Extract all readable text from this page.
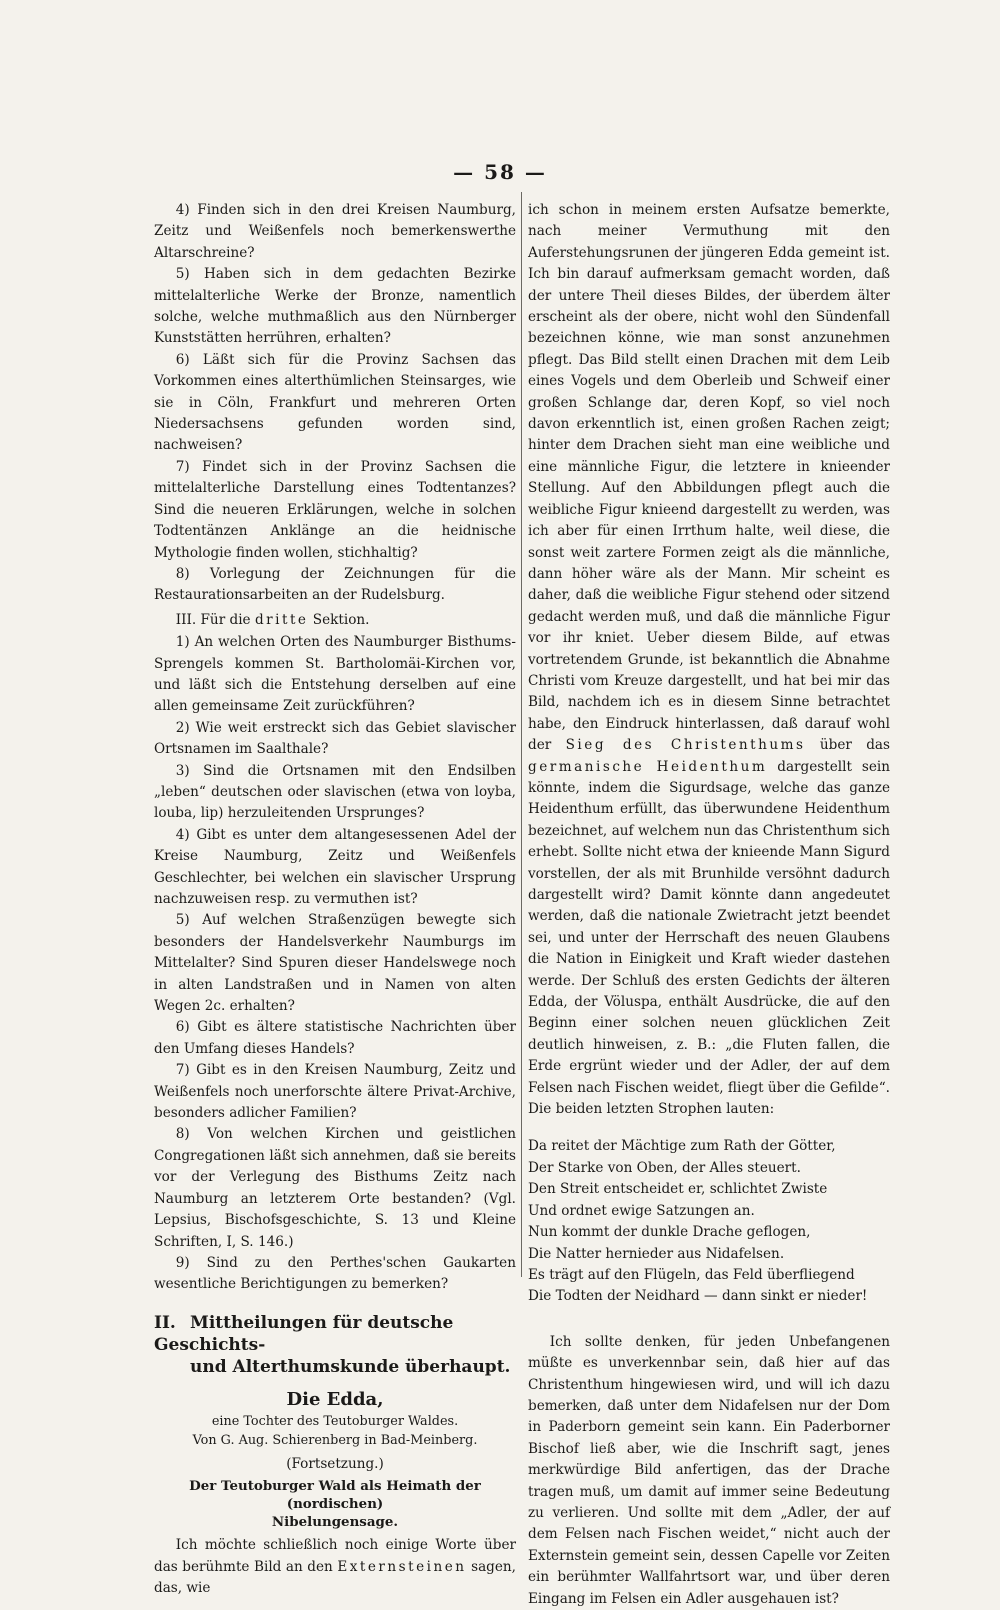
— 58 —

4) Finden sich in den drei Kreisen Naumburg, Zeitz und Weißenfels noch bemerkenswerthe Altarschreine?

5) Haben sich in dem gedachten Bezirke mittelalterliche Werke der Bronze, namentlich solche, welche muthmaßlich aus den Nürnberger Kunststätten herrühren, erhalten?

6) Läßt sich für die Provinz Sachsen das Vorkommen eines alterthümlichen Steinsarges, wie sie in Cöln, Frankfurt und mehreren Orten Niedersachsens gefunden worden sind, nachweisen?

7) Findet sich in der Provinz Sachsen die mittelalterliche Darstellung eines Todtentanzes? Sind die neueren Erklärungen, welche in solchen Todtentänzen Anklänge an die heidnische Mythologie finden wollen, stichhaltig?

8) Vorlegung der Zeichnungen für die Restaurationsarbeiten an der Rudelsburg.

III. Für die dritte Sektion.

1) An welchen Orten des Naumburger Bisthums-Sprengels kommen St. Bartholomäi-Kirchen vor, und läßt sich die Entstehung derselben auf eine allen gemeinsame Zeit zurückführen?

2) Wie weit erstreckt sich das Gebiet slavischer Ortsnamen im Saalthale?

3) Sind die Ortsnamen mit den Endsilben „leben“ deutschen oder slavischen (etwa von loyba, louba, lip) herzuleitenden Ursprunges?

4) Gibt es unter dem altangesessenen Adel der Kreise Naumburg, Zeitz und Weißenfels Geschlechter, bei welchen ein slavischer Ursprung nachzuweisen resp. zu vermuthen ist?

5) Auf welchen Straßenzügen bewegte sich besonders der Handelsverkehr Naumburgs im Mittelalter? Sind Spuren dieser Handelswege noch in alten Landstraßen und in Namen von alten Wegen 2c. erhalten?

6) Gibt es ältere statistische Nachrichten über den Umfang dieses Handels?

7) Gibt es in den Kreisen Naumburg, Zeitz und Weißenfels noch unerforschte ältere Privat-Archive, besonders adlicher Familien?

8) Von welchen Kirchen und geistlichen Congregationen läßt sich annehmen, daß sie bereits vor der Verlegung des Bisthums Zeitz nach Naumburg an letzterem Orte bestanden? (Vgl. Lepsius, Bischofsgeschichte, S. 13 und Kleine Schriften, I, S. 146.)

9) Sind zu den Perthes'schen Gaukarten wesentliche Berichtigungen zu bemerken?

II. Mittheilungen für deutsche Geschichts-
und Alterthumskunde überhaupt.
Die Edda,
eine Tochter des Teutoburger Waldes.
Von G. Aug. Schierenberg in Bad-Meinberg.
(Fortsetzung.)
Der Teutoburger Wald als Heimath der (nordischen)
Nibelungensage.

Ich möchte schließlich noch einige Worte über das berühmte Bild an den Externsteinen sagen, das, wie

ich schon in meinem ersten Aufsatze bemerkte, nach meiner Vermuthung mit den Auferstehungsrunen der jüngeren Edda gemeint ist. Ich bin darauf aufmerksam gemacht worden, daß der untere Theil dieses Bildes, der überdem älter erscheint als der obere, nicht wohl den Sündenfall bezeichnen könne, wie man sonst anzunehmen pflegt. Das Bild stellt einen Drachen mit dem Leib eines Vogels und dem Oberleib und Schweif einer großen Schlange dar, deren Kopf, so viel noch davon erkenntlich ist, einen großen Rachen zeigt; hinter dem Drachen sieht man eine weibliche und eine männliche Figur, die letztere in knieender Stellung. Auf den Abbildungen pflegt auch die weibliche Figur knieend dargestellt zu werden, was ich aber für einen Irrthum halte, weil diese, die sonst weit zartere Formen zeigt als die männliche, dann höher wäre als der Mann. Mir scheint es daher, daß die weibliche Figur stehend oder sitzend gedacht werden muß, und daß die männliche Figur vor ihr kniet. Ueber diesem Bilde, auf etwas vortretendem Grunde, ist bekanntlich die Abnahme Christi vom Kreuze dargestellt, und hat bei mir das Bild, nachdem ich es in diesem Sinne betrachtet habe, den Eindruck hinterlassen, daß darauf wohl der Sieg des Christenthums über das germanische Heidenthum dargestellt sein könnte, indem die Sigurdsage, welche das ganze Heidenthum erfüllt, das überwundene Heidenthum bezeichnet, auf welchem nun das Christenthum sich erhebt. Sollte nicht etwa der knieende Mann Sigurd vorstellen, der als mit Brunhilde versöhnt dadurch dargestellt wird? Damit könnte dann angedeutet werden, daß die nationale Zwietracht jetzt beendet sei, und unter der Herrschaft des neuen Glaubens die Nation in Einigkeit und Kraft wieder dastehen werde. Der Schluß des ersten Gedichts der älteren Edda, der Völuspa, enthält Ausdrücke, die auf den Beginn einer solchen neuen glücklichen Zeit deutlich hinweisen, z. B.: „die Fluten fallen, die Erde ergrünt wieder und der Adler, der auf dem Felsen nach Fischen weidet, fliegt über die Gefilde“. Die beiden letzten Strophen lauten:

Da reitet der Mächtige zum Rath der Götter,
Der Starke von Oben, der Alles steuert.
Den Streit entscheidet er, schlichtet Zwiste
Und ordnet ewige Satzungen an.
Nun kommt der dunkle Drache geflogen,
Die Natter hernieder aus Nidafelsen.
Es trägt auf den Flügeln, das Feld überfliegend
Die Todten der Neidhard — dann sinkt er nieder!

Ich sollte denken, für jeden Unbefangenen müßte es unverkennbar sein, daß hier auf das Christenthum hingewiesen wird, und will ich dazu bemerken, daß unter dem Nidafelsen nur der Dom in Paderborn gemeint sein kann. Ein Paderborner Bischof ließ aber, wie die Inschrift sagt, jenes merkwürdige Bild anfertigen, das der Drache tragen muß, um damit auf immer seine Bedeutung zu verlieren. Und sollte mit dem „Adler, der auf dem Felsen nach Fischen weidet,“ nicht auch der Externstein gemeint sein, dessen Capelle vor Zeiten ein berühmter Wallfahrtsort war, und über deren Eingang im Felsen ein Adler ausgehauen ist?
